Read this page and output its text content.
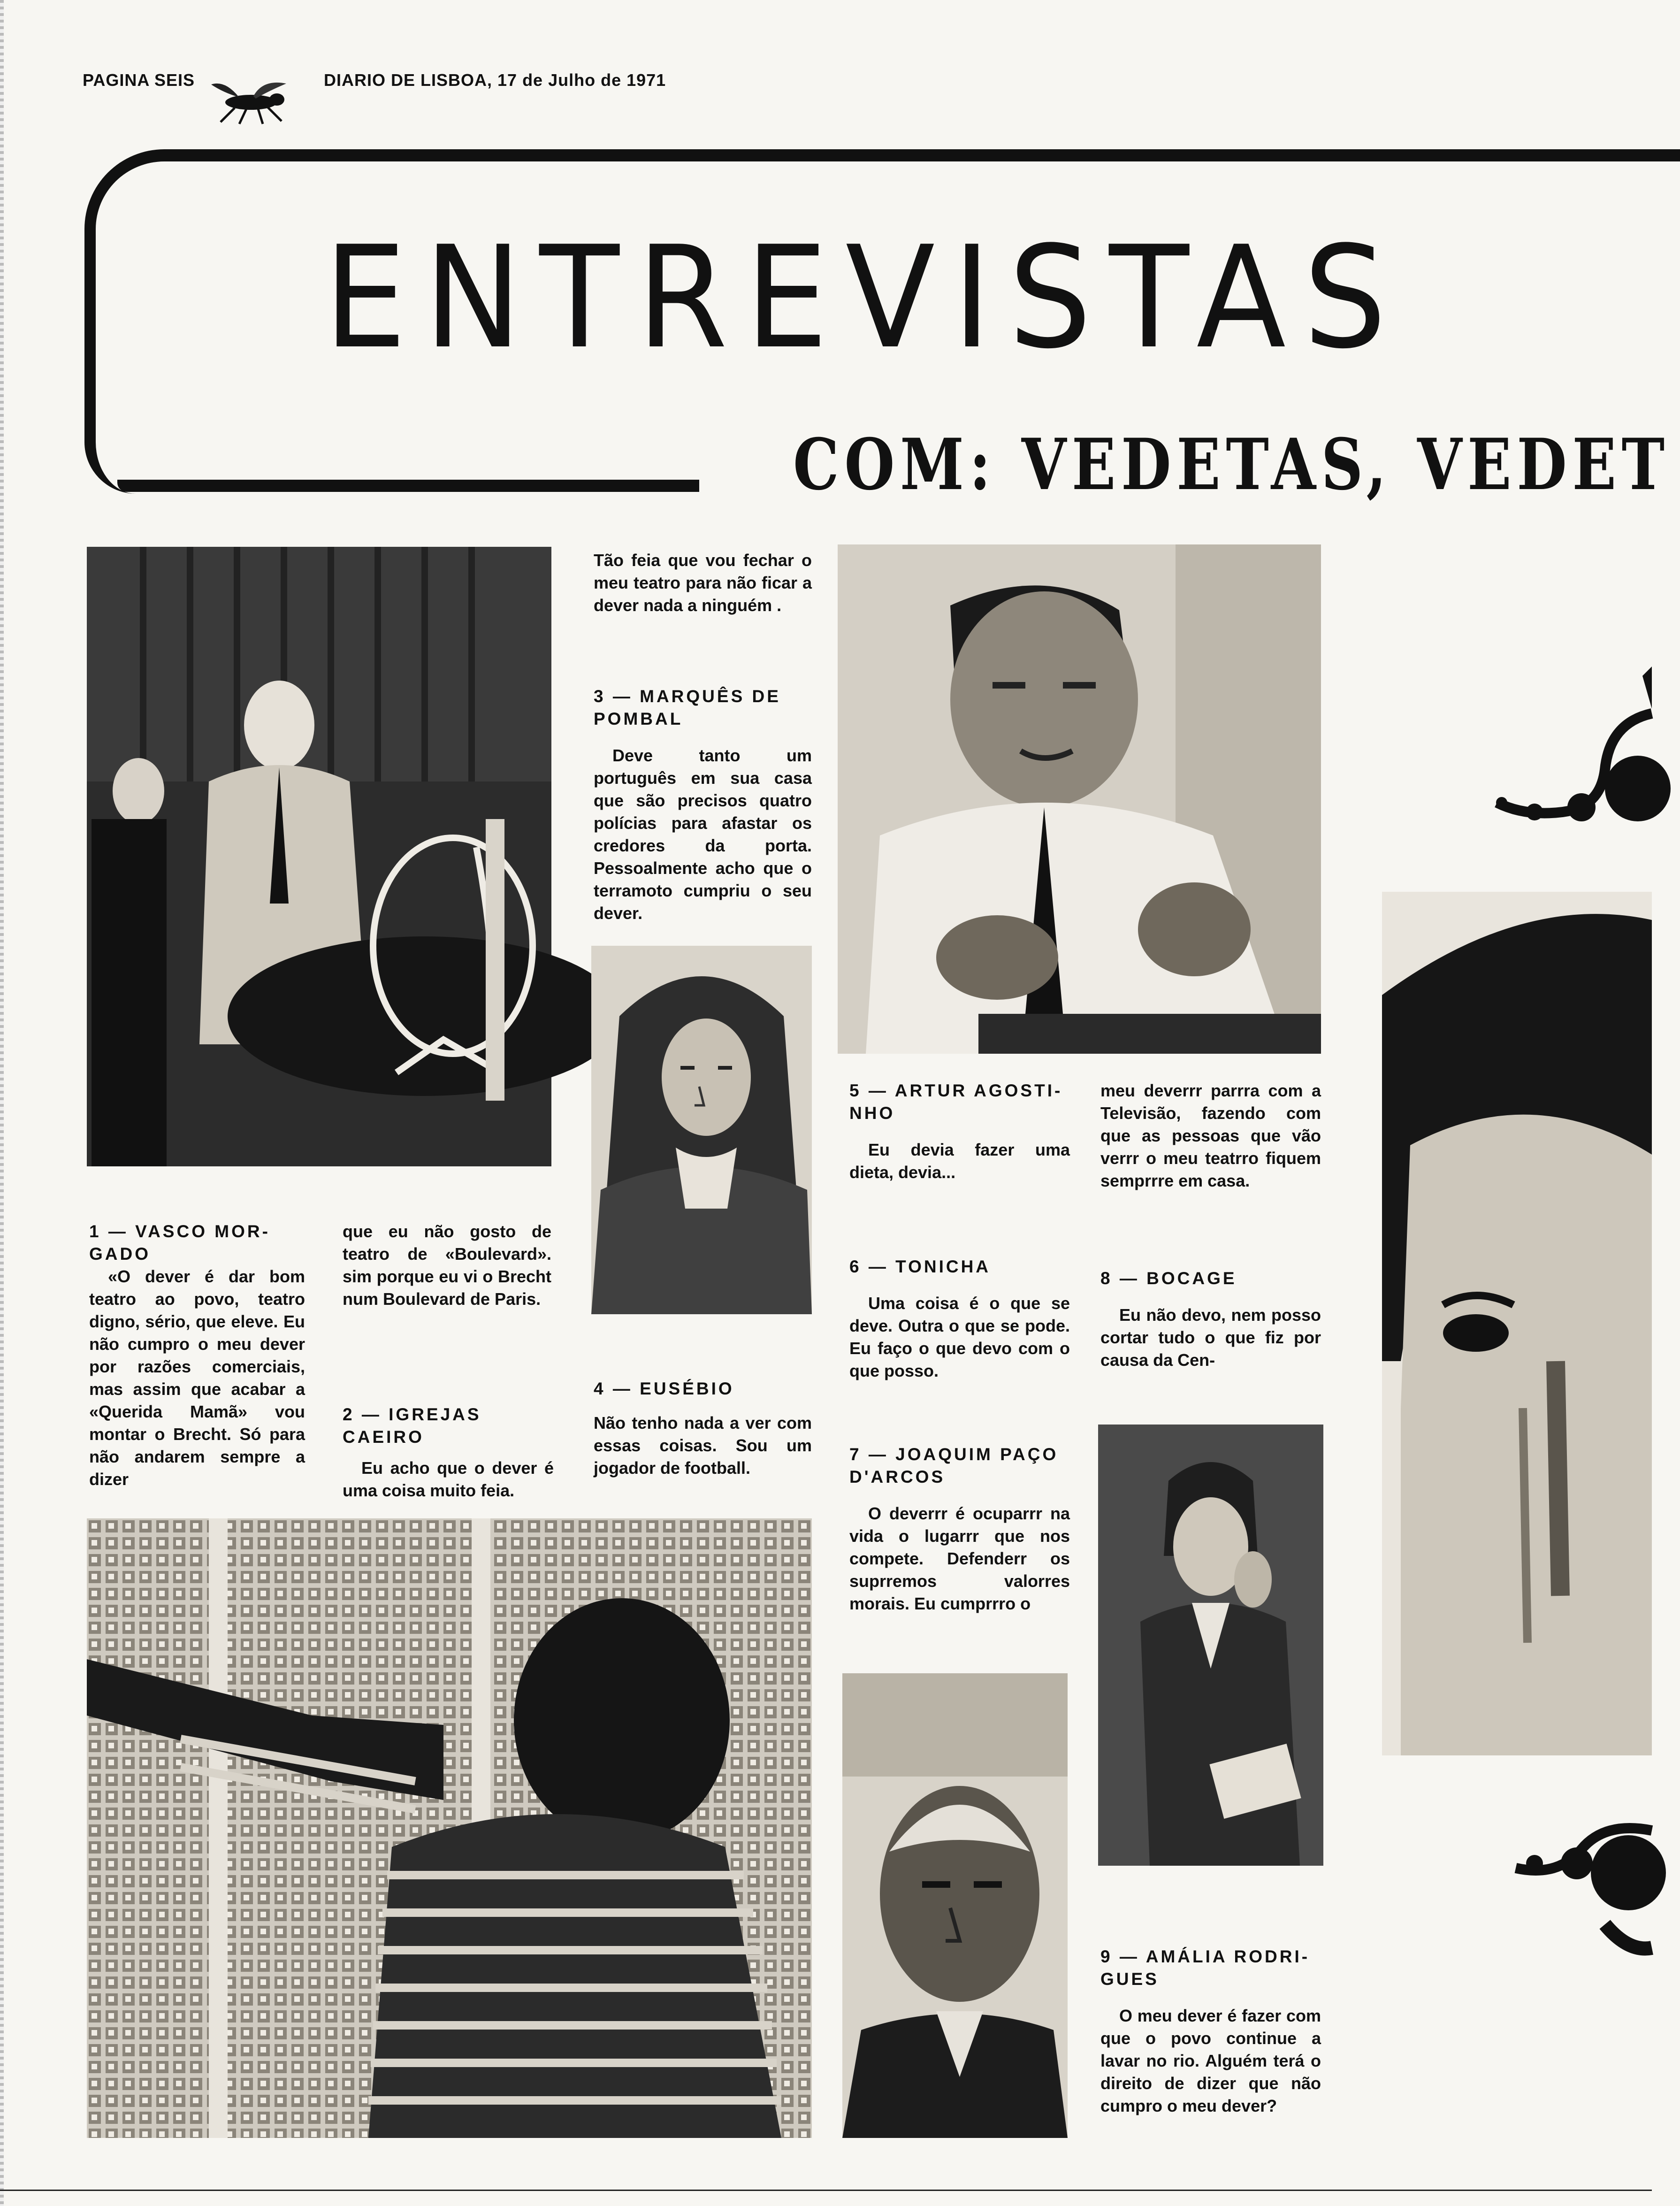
PAGINA SEIS	DIARIO DE LISBOA, 17 de Julho de 1971
ENTREVISTAS
COM: VEDETAS, VEDET
1 — VASCO MOR- GADO

«O dever é dar bom teatro ao povo, teatro digno, sério, que eleve. Eu não cumpro o meu dever por razões comerciais, mas assim que acabar a «Querida Mamã» vou montar o Brecht. Só para não andarem sempre a dizer

que eu não gosto de teatro de «Boulevard». sim porque eu vi o Brecht num Boulevard de Paris.

2 — IGREJAS CAEIRO

Eu acho que o dever é uma coisa muito feia.

Tão feia que vou fechar o meu teatro para não ficar a dever nada a ninguém .

3 — MARQUÊS DE POMBAL

Deve tanto um português em sua casa que são precisos quatro polícias para afastar os credores da porta. Pessoalmente acho que o terramoto cumpriu o seu dever.

4 — EUSÉBIO

Não tenho nada a ver com essas coisas. Sou um jogador de football.

5 — ARTUR AGOSTI- NHO

Eu devia fazer uma dieta, devia...

6 — TONICHA

Uma coisa é o que se deve. Outra o que se pode. Eu faço o que devo com o que posso.

7 — JOAQUIM PAÇO D'ARCOS

O deverrr é ocuparrr na vida o lugarrr que nos compete. Defenderr os suprremos valorres morais. Eu cumprrro o

meu deverrr parrra com a Televisão, fazendo com que as pessoas que vão verrr o meu teatrro fiquem semprrre em casa.

8 — BOCAGE

Eu não devo, nem posso cortar tudo o que fiz por causa da Cen-

9 — AMÁLIA RODRI- GUES

O meu dever é fazer com que o povo continue a lavar no rio. Alguém terá o direito de dizer que não cumpro o meu dever?
